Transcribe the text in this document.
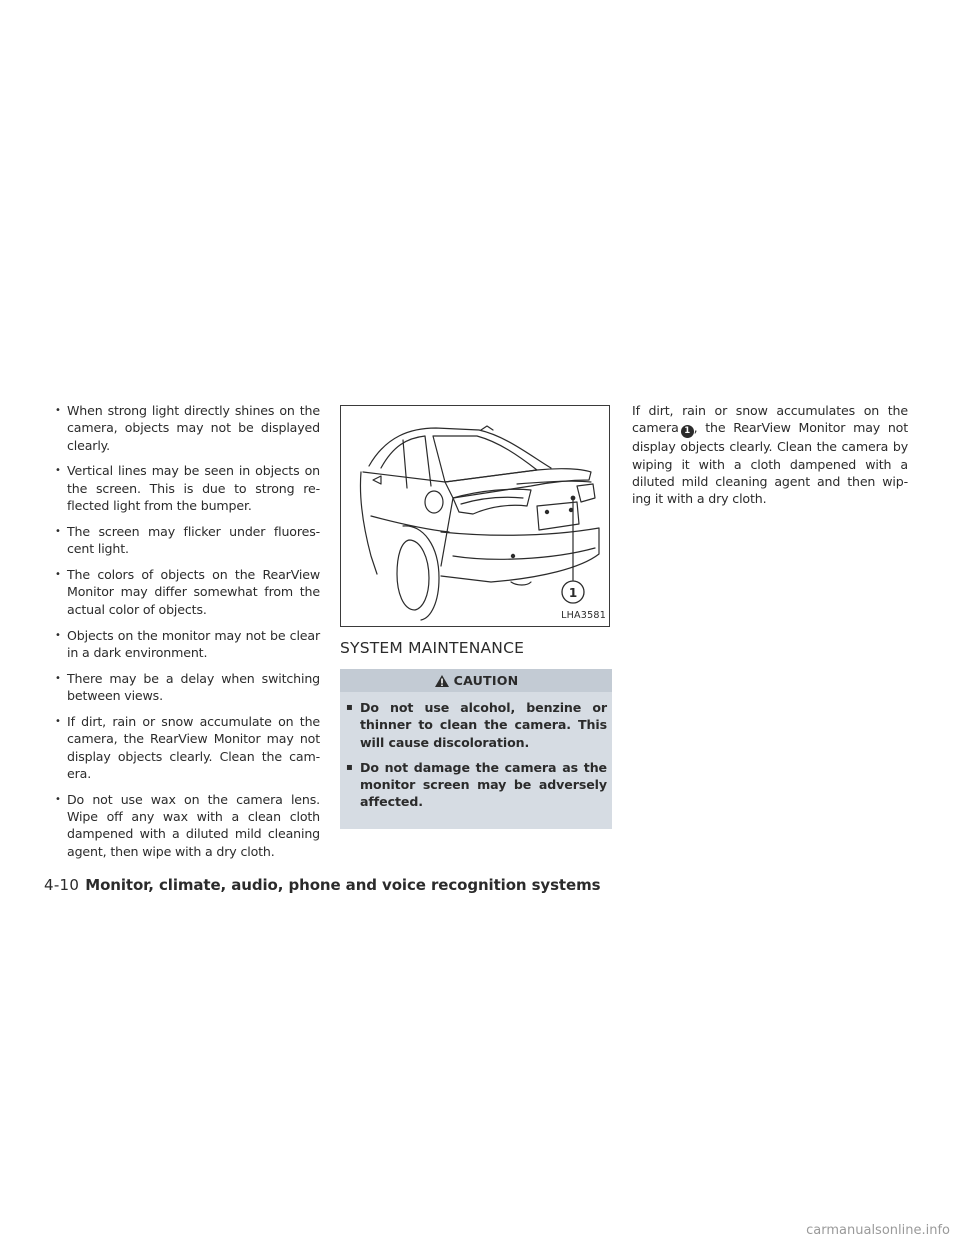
• When strong light directly shines on the camera, objects may not be displayed clearly.
• Vertical lines may be seen in objects on the screen. This is due to strong re-flected light from the bumper.
• The screen may flicker under fluores-cent light.
• The colors of objects on the RearView Monitor may differ somewhat from the actual color of objects.
• Objects on the monitor may not be clear in a dark environment.
• There may be a delay when switching between views.
• If dirt, rain or snow accumulate on the camera, the RearView Monitor may not display objects clearly. Clean the cam-era.
• Do not use wax on the camera lens. Wipe off any wax with a clean cloth dampened with a diluted mild cleaning agent, then wipe with a dry cloth.
1
LHA3581
SYSTEM MAINTENANCE
CAUTION
▪ Do not use alcohol, benzine or thinner to clean the camera. This will cause discoloration.
▪ Do not damage the camera as the monitor screen may be adversely affected.

If dirt, rain or snow accumulates on the camera 1 , the RearView Monitor may not display objects clearly. Clean the camera by wiping it with a cloth dampened with a diluted mild cleaning agent and then wip-ing it with a dry cloth.

4-10 Monitor, climate, audio, phone and voice recognition systems
carmanualsonline.info
